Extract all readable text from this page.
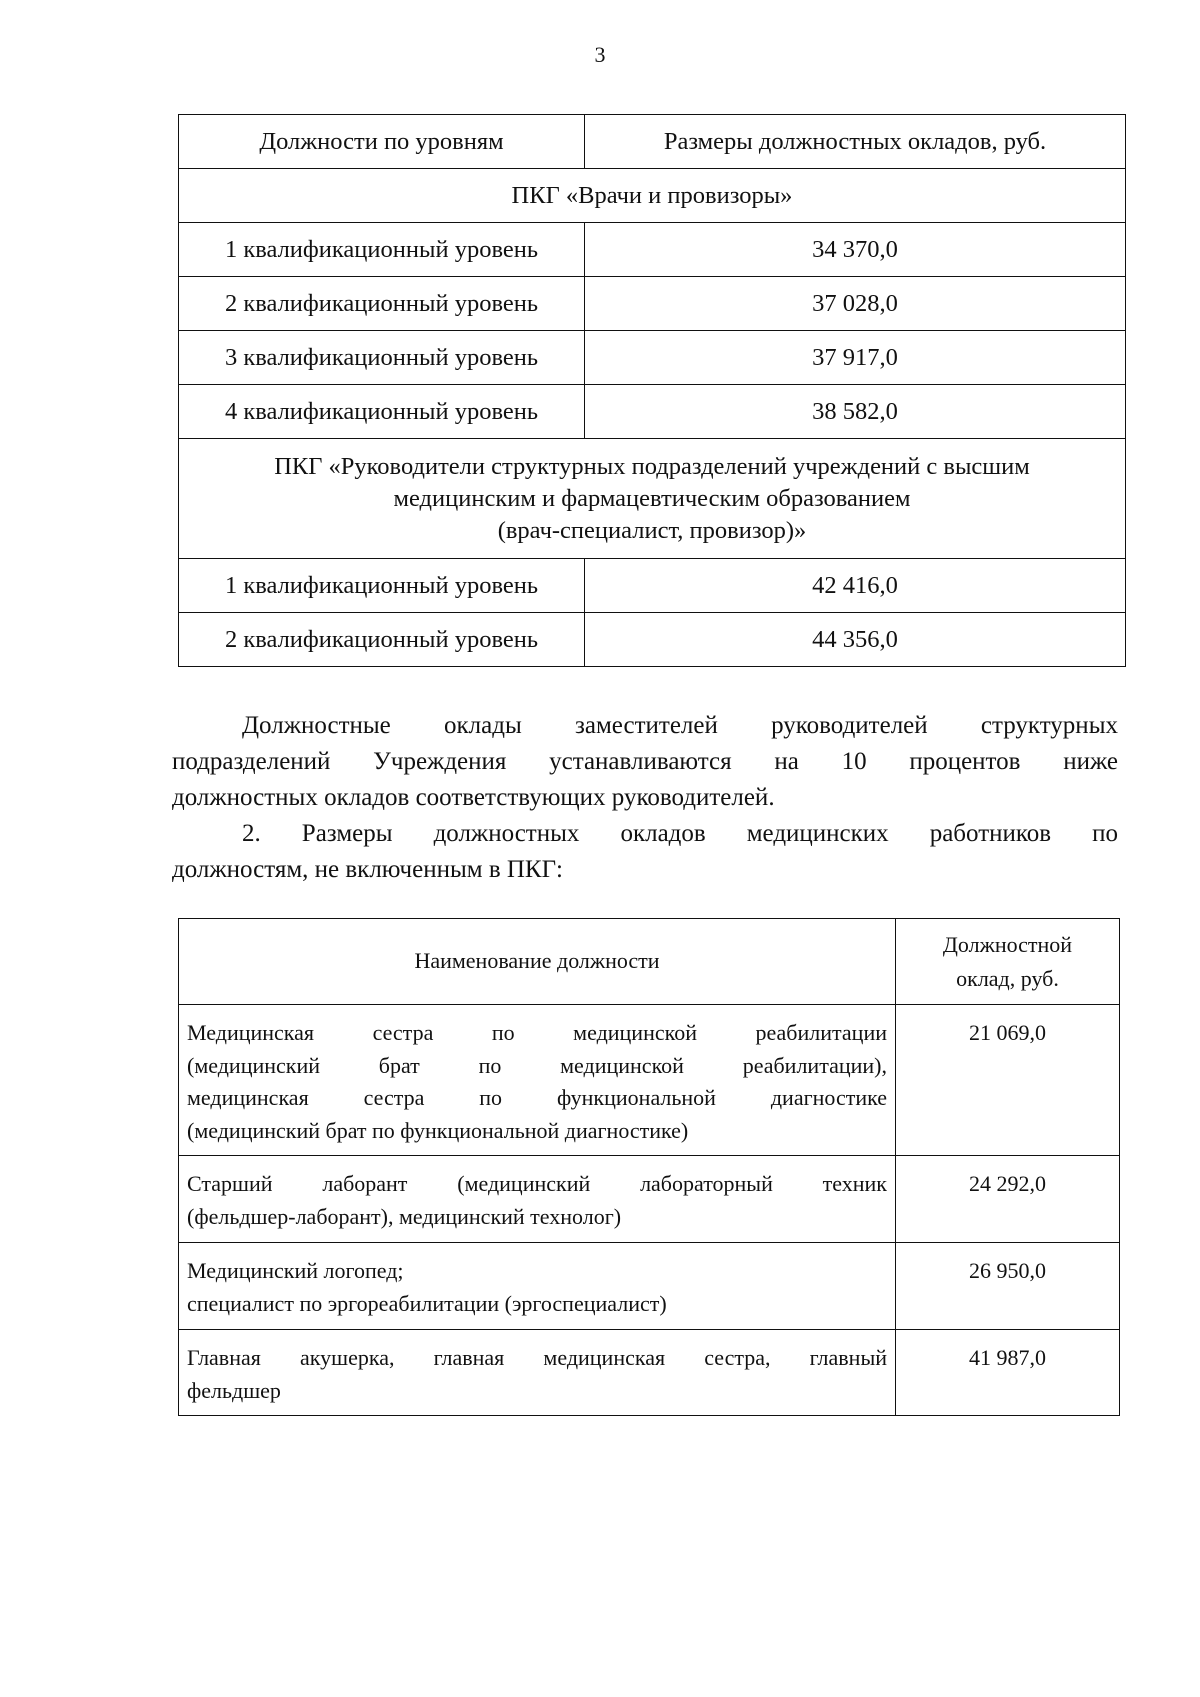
3
Должности по уровням	Размеры должностных окладов, руб.
ПКГ «Врачи и провизоры»	
1 квалификационный уровень	34 370,0
2 квалификационный уровень	37 028,0
3 квалификационный уровень	37 917,0
4 квалификационный уровень	38 582,0

ПКГ «Руководители структурных подразделений учреждений с высшим
медицинским и фармацевтическим образованием
(врач-специалист, провизор)»	

1 квалификационный уровень	42 416,0
2 квалификационный уровень	44 356,0
Должностные оклады заместителей руководителей структурных
подразделений Учреждения устанавливаются на 10 процентов ниже
должностных окладов соответствующих руководителей.
2. Размеры должностных окладов медицинских работников по
должностям, не включенным в ПКГ:
Наименование должности	Должностной
оклад, руб.

Медицинская сестра по медицинской реабилитации
(медицинский брат по медицинской реабилитации),
медицинская сестра по функциональной диагностике
(медицинский брат по функциональной диагностике)	21 069,0

Старший лаборант (медицинский лабораторный техник
(фельдшер-лаборант), медицинский технолог)	24 292,0

Медицинский логопед;
специалист по эргореабилитации (эргоспециалист)	26 950,0

Главная акушерка, главная медицинская сестра, главный
фельдшер	41 987,0
